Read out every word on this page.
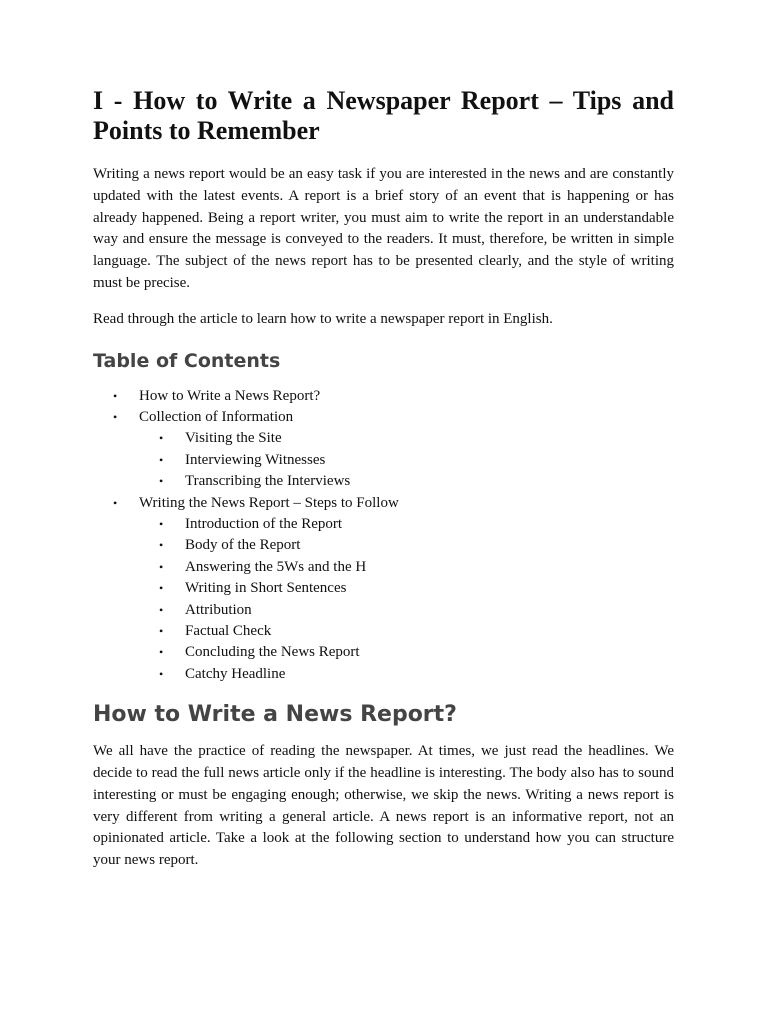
I - How to Write a Newspaper Report – Tips and Points to Remember

Writing a news report would be an easy task if you are interested in the news and are constantly updated with the latest events. A report is a brief story of an event that is happening or has already happened. Being a report writer, you must aim to write the report in an understandable way and ensure the message is conveyed to the readers. It must, therefore, be written in simple language. The subject of the news report has to be presented clearly, and the style of writing must be precise.

Read through the article to learn how to write a newspaper report in English.

Table of Contents
• How to Write a News Report?
• Collection of Information
• Visiting the Site
• Interviewing Witnesses
• Transcribing the Interviews
• Writing the News Report – Steps to Follow
• Introduction of the Report
• Body of the Report
• Answering the 5Ws and the H
• Writing in Short Sentences
• Attribution
• Factual Check
• Concluding the News Report
• Catchy Headline
How to Write a News Report?

We all have the practice of reading the newspaper. At times, we just read the headlines. We decide to read the full news article only if the headline is interesting. The body also has to sound interesting or must be engaging enough; otherwise, we skip the news. Writing a news report is very different from writing a general article. A news report is an informative report, not an opinionated article. Take a look at the following section to understand how you can structure your news report.
